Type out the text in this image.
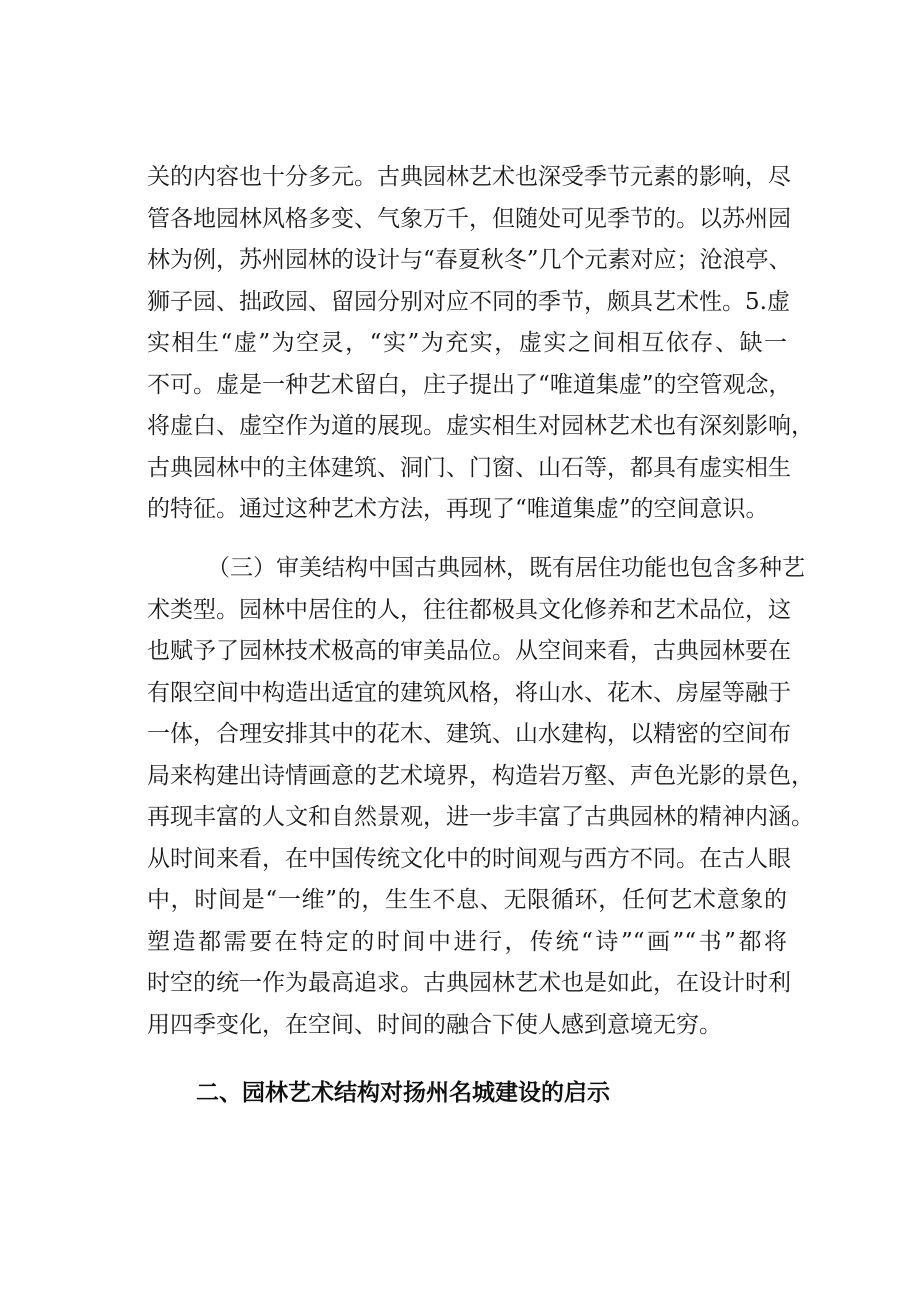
关的内容也十分多元。古典园林艺术也深受季节元素的影响，尽
管各地园林风格多变、气象万千，但随处可见季节的。以苏州园
林为例，苏州园林的设计与“春夏秋冬”几个元素对应；沧浪亭、
狮子园、拙政园、留园分别对应不同的季节，颇具艺术性。5.虚
实相生“虚”为空灵，“实”为充实，虚实之间相互依存、缺一
不可。虚是一种艺术留白，庄子提出了“唯道集虚”的空管观念，
将虚白、虚空作为道的展现。虚实相生对园林艺术也有深刻影响，
古典园林中的主体建筑、洞门、门窗、山石等，都具有虚实相生
的特征。通过这种艺术方法，再现了“唯道集虚”的空间意识。
（三）审美结构中国古典园林，既有居住功能也包含多种艺
术类型。园林中居住的人，往往都极具文化修养和艺术品位，这
也赋予了园林技术极高的审美品位。从空间来看，古典园林要在
有限空间中构造出适宜的建筑风格，将山水、花木、房屋等融于
一体，合理安排其中的花木、建筑、山水建构，以精密的空间布
局来构建出诗情画意的艺术境界，构造岩万壑、声色光影的景色，
再现丰富的人文和自然景观，进一步丰富了古典园林的精神内涵。
从时间来看，在中国传统文化中的时间观与西方不同。在古人眼
中，时间是“一维”的，生生不息、无限循环，任何艺术意象的
塑造都需要在特定的时间中进行，传统“诗”“画”“书”都将
时空的统一作为最高追求。古典园林艺术也是如此，在设计时利
用四季变化，在空间、时间的融合下使人感到意境无穷。
二、园林艺术结构对扬州名城建设的启示
